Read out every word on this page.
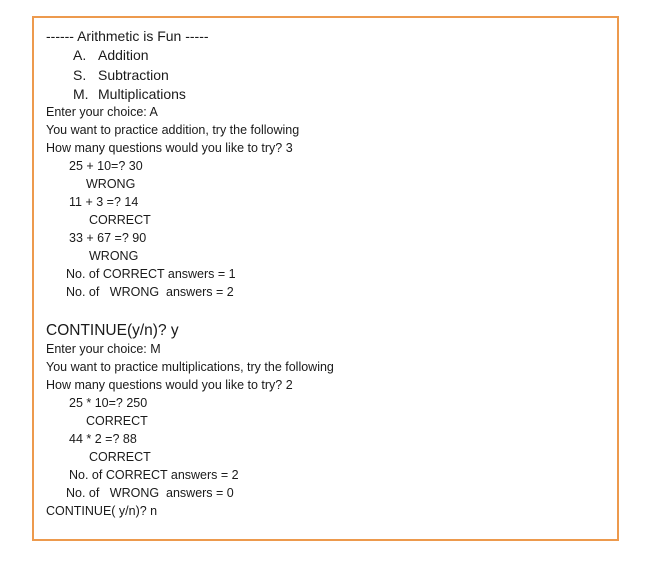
------ Arithmetic is Fun -----
A. Addition
S. Subtraction
M. Multiplications
Enter your choice: A
You want to practice addition, try the following
How many questions would you like to try? 3
25 + 10=? 30
WRONG
11 + 3 =? 14
CORRECT
33 + 67 =? 90
WRONG
No. of CORRECT answers = 1
No. of   WRONG  answers = 2
CONTINUE(y/n)? y
Enter your choice: M
You want to practice multiplications, try the following
How many questions would you like to try? 2
25 * 10=? 250
CORRECT
44 * 2 =? 88
CORRECT
No. of CORRECT answers = 2
No. of   WRONG  answers = 0
CONTINUE( y/n)? n
